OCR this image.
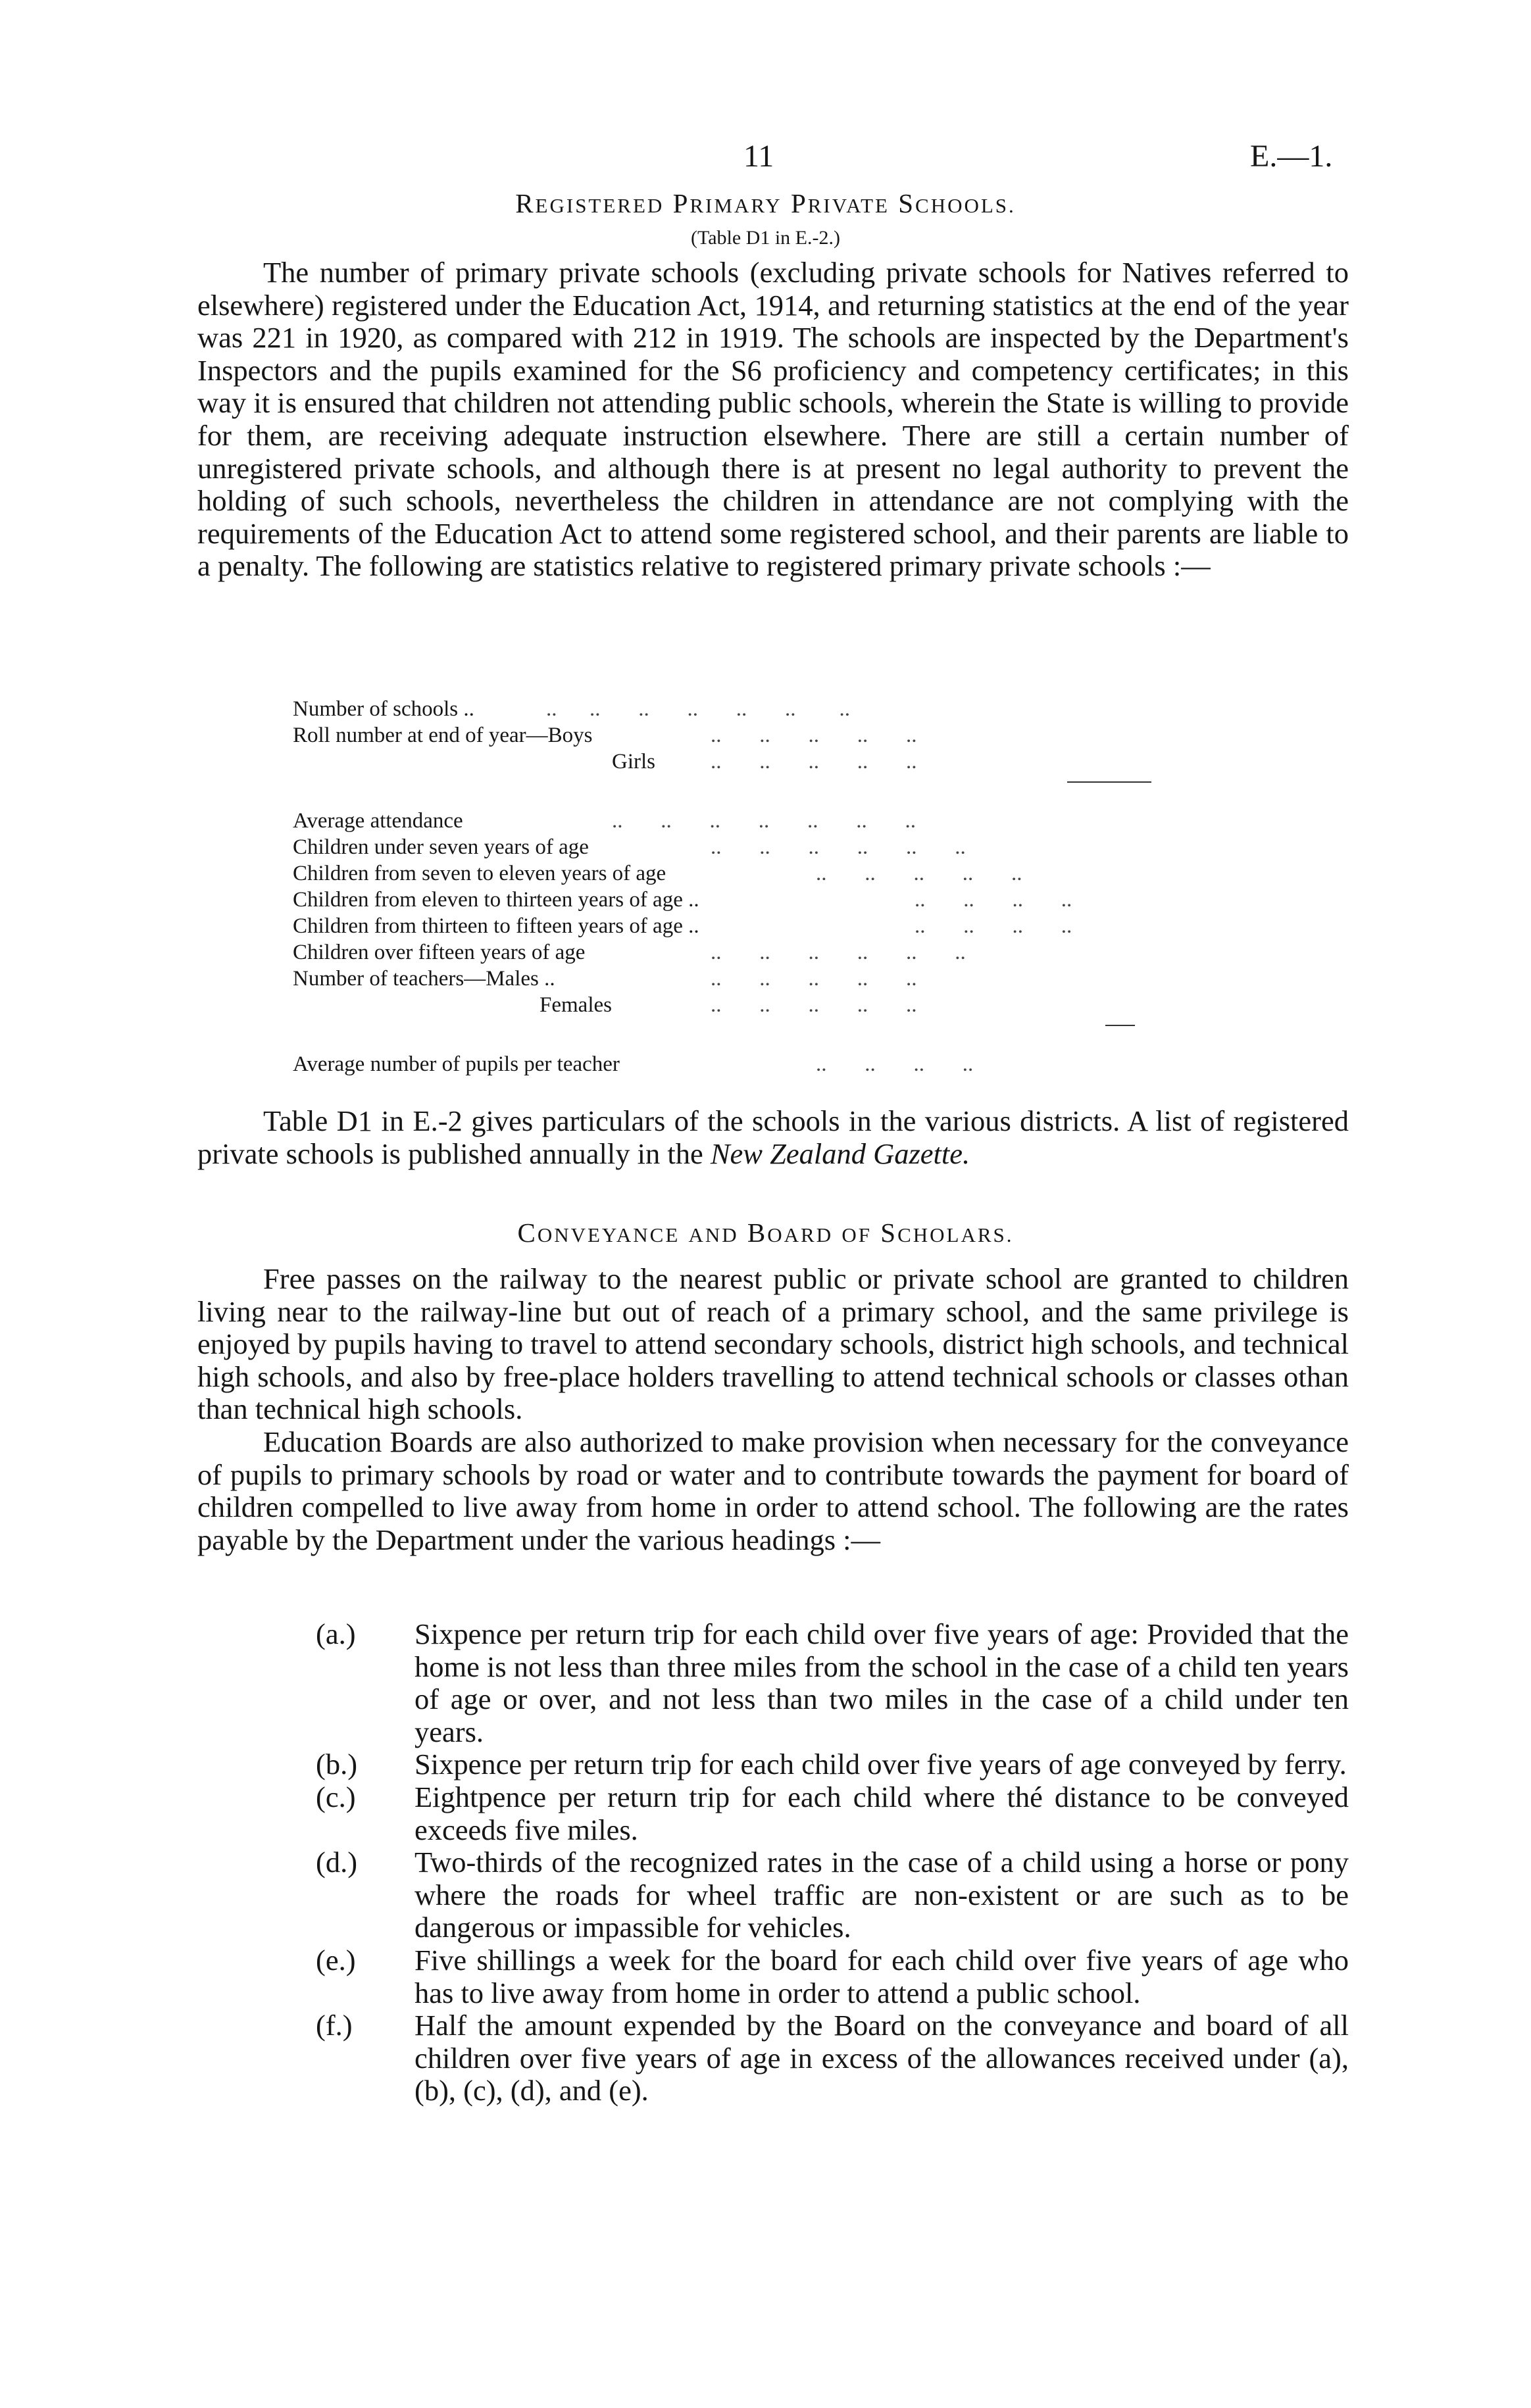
11	E.—1.
REGISTERED PRIMARY PRIVATE SCHOOLS.
(Table D1 in E.-2.)

The number of primary private schools (excluding private schools for Natives referred to elsewhere) registered under the Education Act, 1914, and returning statistics at the end of the year was 221 in 1920, as compared with 212 in 1919. The schools are inspected by the Department's Inspectors and the pupils examined for the S6 proficiency and competency certificates; in this way it is ensured that children not attending public schools, wherein the State is willing to provide for them, are receiving adequate instruction elsewhere. There are still a certain number of unregistered private schools, and although there is at present no legal authority to prevent the holding of such schools, nevertheless the children in attendance are not complying with the requirements of the Education Act to attend some registered school, and their parents are liable to a penalty. The following are statistics relative to registered primary private schools :—

Number of schools ..	..      ..       ..       ..       ..       ..        ..
Roll number at end of year—Boys	..       ..       ..       ..       ..
Girls	..       ..       ..       ..       ..
Average attendance	..       ..       ..       ..       ..       ..       ..
Children under seven years of age	..       ..       ..       ..       ..       ..
Children from seven to eleven years of age	..       ..       ..       ..       ..
Children from eleven to thirteen years of age ..	..       ..       ..       ..
Children from thirteen to fifteen years of age ..	..       ..       ..       ..
Children over fifteen years of age	..       ..       ..       ..       ..       ..
Number of teachers—Males ..	..       ..       ..       ..       ..
Females	..       ..       ..       ..       ..
Average number of pupils per teacher	..       ..       ..       ..

Table D1 in E.-2 gives particulars of the schools in the various districts. A list of registered private schools is published annually in the New Zealand Gazette.

CONVEYANCE AND BOARD OF SCHOLARS.

Free passes on the railway to the nearest public or private school are granted to children living near to the railway-line but out of reach of a primary school, and the same privilege is enjoyed by pupils having to travel to attend secondary schools, district high schools, and technical high schools, and also by free-place holders travelling to attend technical schools or classes othan than technical high schools.

Education Boards are also authorized to make provision when necessary for the conveyance of pupils to primary schools by road or water and to contribute towards the payment for board of children compelled to live away from home in order to attend school. The following are the rates payable by the Department under the various headings :—

(a.)	Sixpence per return trip for each child over five years of age: Provided that the home is not less than three miles from the school in the case of a child ten years of age or over, and not less than two miles in the case of a child under ten years.
(b.)	Sixpence per return trip for each child over five years of age conveyed by ferry.
(c.)	Eightpence per return trip for each child where thé distance to be conveyed exceeds five miles.
(d.)	Two-thirds of the recognized rates in the case of a child using a horse or pony where the roads for wheel traffic are non-existent or are such as to be dangerous or impassible for vehicles.
(e.)	Five shillings a week for the board for each child over five years of age who has to live away from home in order to attend a public school.
(f.)	Half the amount expended by the Board on the conveyance and board of all children over five years of age in excess of the allowances received under (a), (b), (c), (d), and (e).
